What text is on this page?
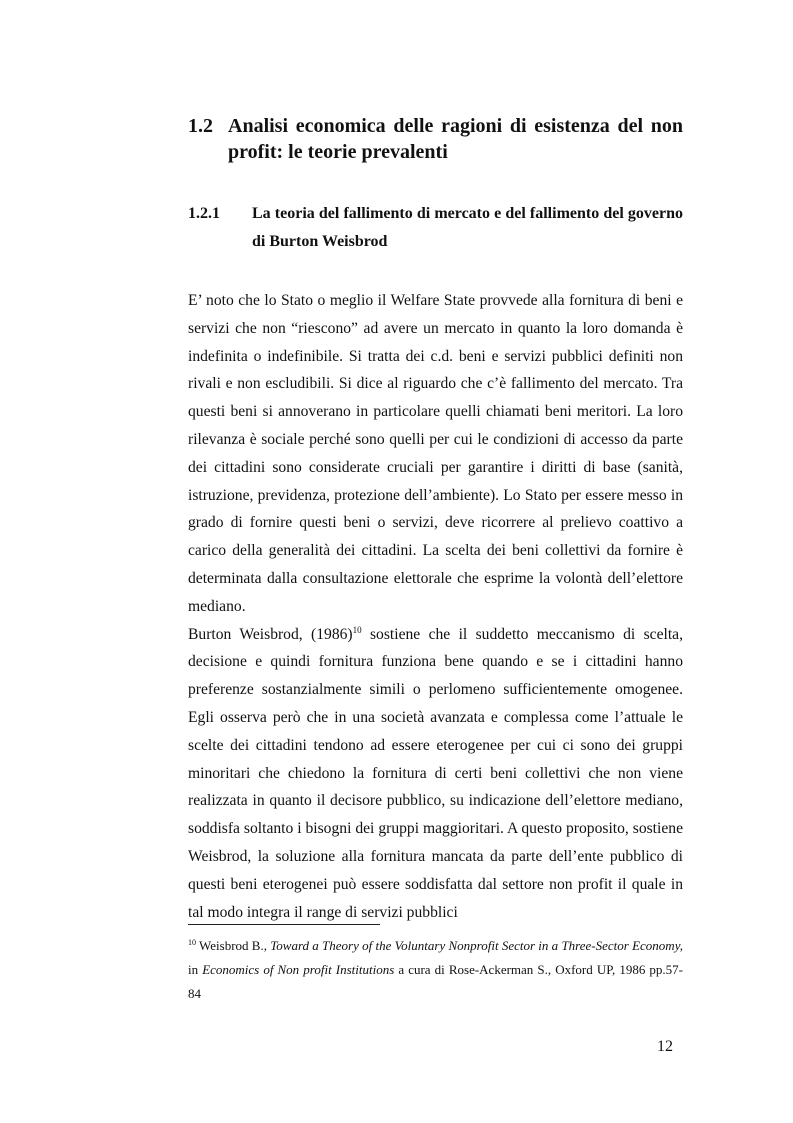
1.2 Analisi economica delle ragioni di esistenza del non profit: le teorie prevalenti
1.2.1 La teoria del fallimento di mercato e del fallimento del governo di Burton Weisbrod

E’ noto che lo Stato o meglio il Welfare State provvede alla fornitura di beni e servizi che non “riescono” ad avere un mercato in quanto la loro domanda è indefinita o indefinibile. Si tratta dei c.d. beni e servizi pubblici definiti non rivali e non escludibili. Si dice al riguardo che c’è fallimento del mercato. Tra questi beni si annoverano in particolare quelli chiamati beni meritori. La loro rilevanza è sociale perché sono quelli per cui le condizioni di accesso da parte dei cittadini sono considerate cruciali per garantire i diritti di base (sanità, istruzione, previdenza, protezione dell’ambiente). Lo Stato per essere messo in grado di fornire questi beni o servizi, deve ricorrere al prelievo coattivo a carico della generalità dei cittadini. La scelta dei beni collettivi da fornire è determinata dalla consultazione elettorale che esprime la volontà dell’elettore mediano.

Burton Weisbrod, $(1986)^{10}$ sostiene che il suddetto meccanismo di scelta, decisione e quindi fornitura funziona bene quando e se i cittadini hanno preferenze sostanzialmente simili o perlomeno sufficientemente omogenee. Egli osserva però che in una società avanzata e complessa come l’attuale le scelte dei cittadini tendono ad essere eterogenee per cui ci sono dei gruppi minoritari che chiedono la fornitura di certi beni collettivi che non viene realizzata in quanto il decisore pubblico, su indicazione dell’elettore mediano, soddisfa soltanto i bisogni dei gruppi maggioritari. A questo proposito, sostiene Weisbrod, la soluzione alla fornitura mancata da parte dell’ente pubblico di questi beni eterogenei può essere soddisfatta dal settore non profit il quale in tal modo integra il range di servizi pubblici

$^{10}$ Weisbrod B., Toward a Theory of the Voluntary Nonprofit Sector in a Three-Sector Economy, in Economics of Non profit Institutions a cura di Rose-Ackerman S., Oxford UP, 1986 pp.57-84
12
